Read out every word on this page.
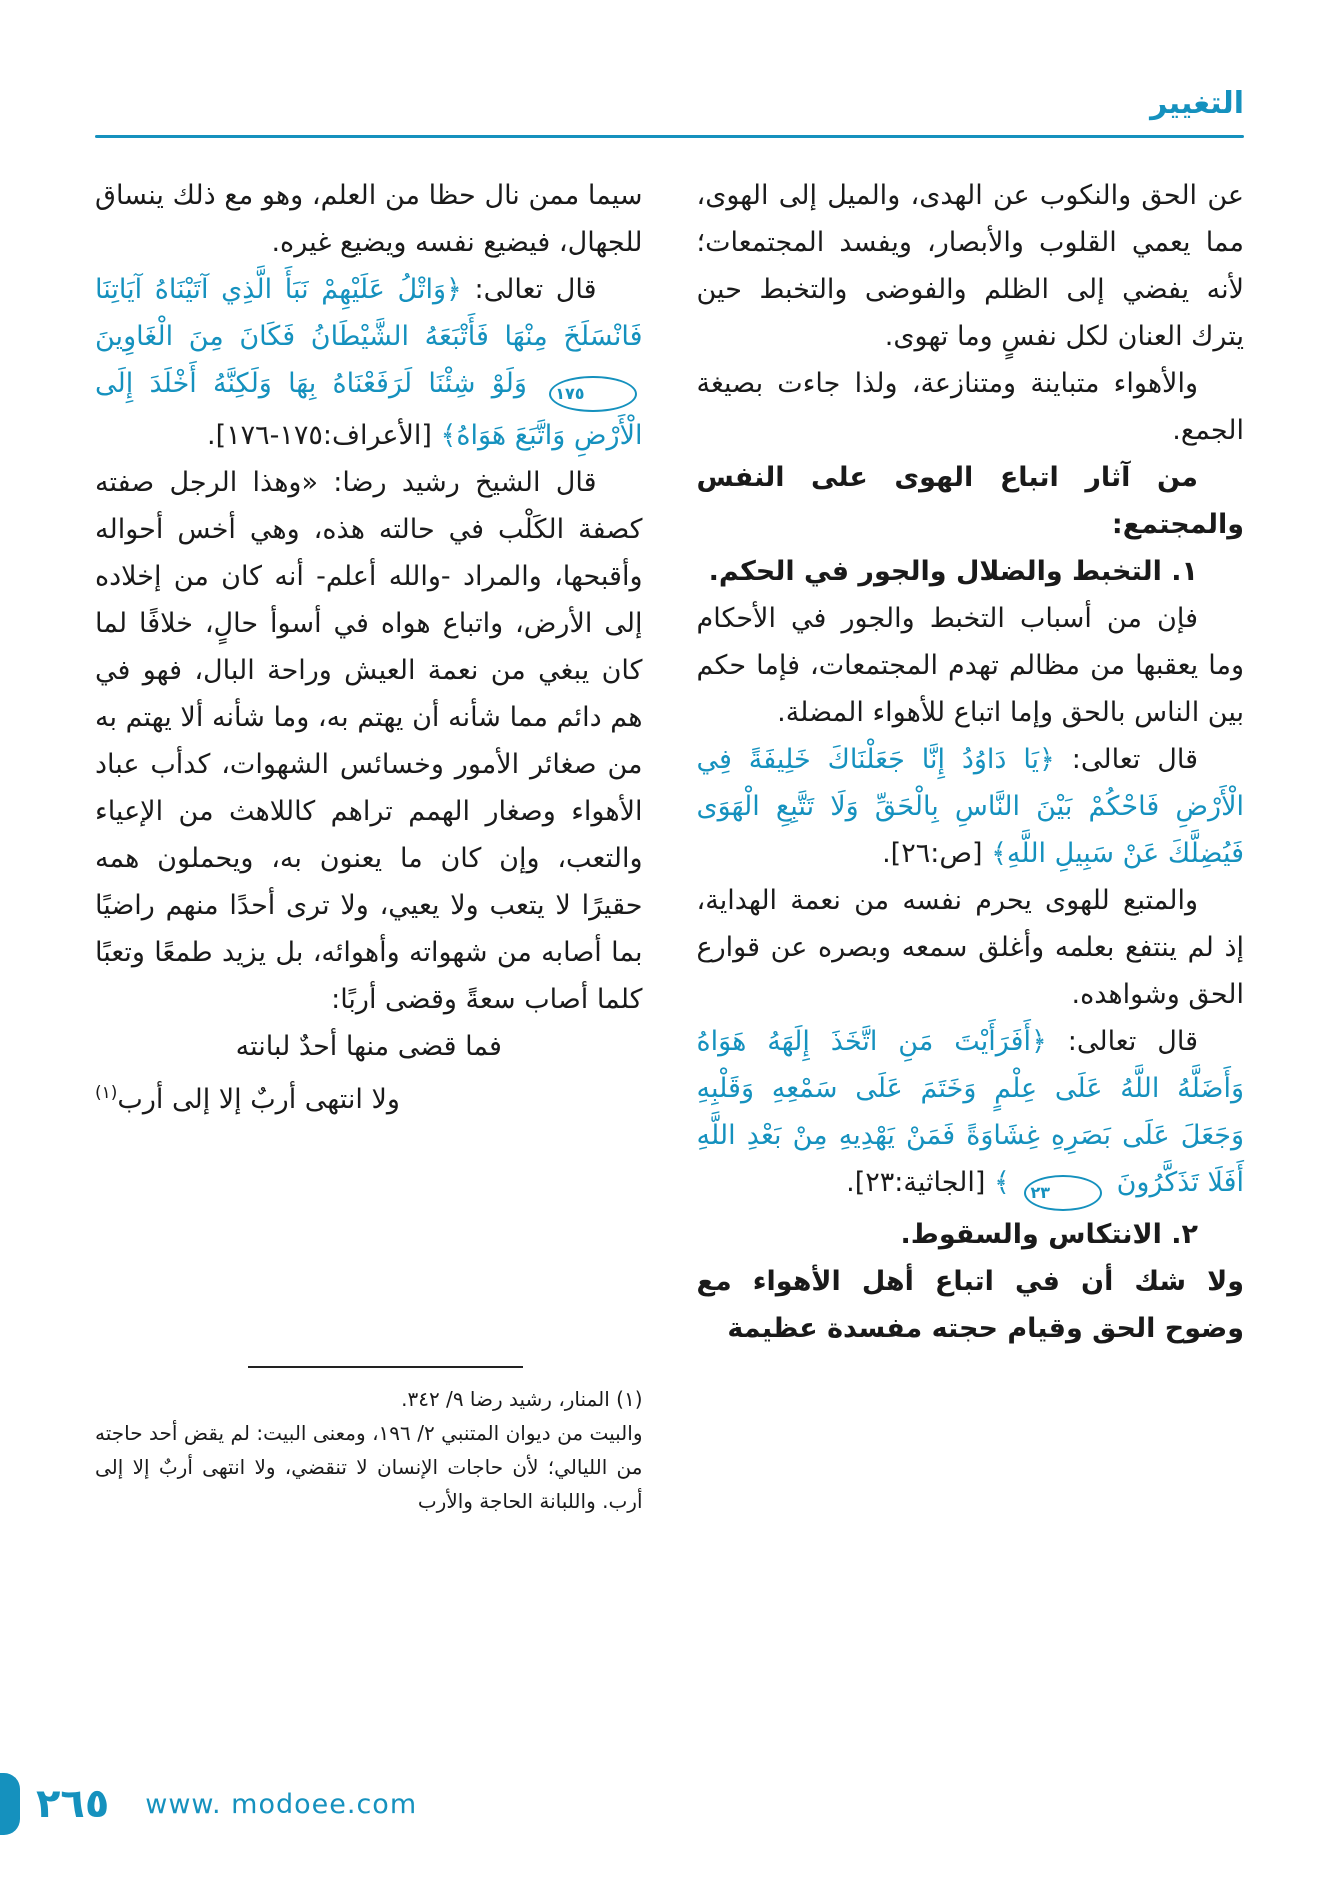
التغيير

عن الحق والنكوب عن الهدى، والميل إلى الهوى، مما يعمي القلوب والأبصار، ويفسد المجتمعات؛ لأنه يفضي إلى الظلم والفوضى والتخبط حين يترك العنان لكل نفسٍ وما تهوى.

والأهواء متباينة ومتنازعة، ولذا جاءت بصيغة الجمع.

من آثار اتباع الهوى على النفس والمجتمع:

١. التخبط والضلال والجور في الحكم.

فإن من أسباب التخبط والجور في الأحكام وما يعقبها من مظالم تهدم المجتمعات، فإما حكم بين الناس بالحق وإما اتباع للأهواء المضلة.

قال تعالى: ﴿يَا دَاوُدُ إِنَّا جَعَلْنَاكَ خَلِيفَةً فِي الْأَرْضِ فَاحْكُمْ بَيْنَ النَّاسِ بِالْحَقِّ وَلَا تَتَّبِعِ الْهَوَى فَيُضِلَّكَ عَنْ سَبِيلِ اللَّهِ﴾ [ص:٢٦].

والمتبع للهوى يحرم نفسه من نعمة الهداية، إذ لم ينتفع بعلمه وأغلق سمعه وبصره عن قوارع الحق وشواهده.

قال تعالى: ﴿أَفَرَأَيْتَ مَنِ اتَّخَذَ إِلَهَهُ هَوَاهُ وَأَضَلَّهُ اللَّهُ عَلَى عِلْمٍ وَخَتَمَ عَلَى سَمْعِهِ وَقَلْبِهِ وَجَعَلَ عَلَى بَصَرِهِ غِشَاوَةً فَمَنْ يَهْدِيهِ مِنْ بَعْدِ اللَّهِ أَفَلَا تَذَكَّرُونَ ٢٣ ﴾ [الجاثية:٢٣].

٢. الانتكاس والسقوط.

ولا شك أن في اتباع أهل الأهواء مع وضوح الحق وقيام حجته مفسدة عظيمة

سيما ممن نال حظا من العلم، وهو مع ذلك ينساق للجهال، فيضيع نفسه ويضيع غيره.

قال تعالى: ﴿وَاتْلُ عَلَيْهِمْ نَبَأَ الَّذِي آتَيْنَاهُ آيَاتِنَا فَانْسَلَخَ مِنْهَا فَأَتْبَعَهُ الشَّيْطَانُ فَكَانَ مِنَ الْغَاوِينَ ١٧٥ وَلَوْ شِئْنَا لَرَفَعْنَاهُ بِهَا وَلَكِنَّهُ أَخْلَدَ إِلَى الْأَرْضِ وَاتَّبَعَ هَوَاهُ﴾ [الأعراف:١٧٥-١٧٦].

قال الشيخ رشيد رضا: «وهذا الرجل صفته كصفة الكَلْب في حالته هذه، وهي أخس أحواله وأقبحها، والمراد -والله أعلم- أنه كان من إخلاده إلى الأرض، واتباع هواه في أسوأ حالٍ، خلافًا لما كان يبغي من نعمة العيش وراحة البال، فهو في هم دائم مما شأنه أن يهتم به، وما شأنه ألا يهتم به من صغائر الأمور وخسائس الشهوات، كدأب عباد الأهواء وصغار الهمم تراهم كاللاهث من الإعياء والتعب، وإن كان ما يعنون به، ويحملون همه حقيرًا لا يتعب ولا يعيي، ولا ترى أحدًا منهم راضيًا بما أصابه من شهواته وأهوائه، بل يزيد طمعًا وتعبًا كلما أصاب سعةً وقضى أربًا:

فما قضى منها أحدٌ لبانته

ولا انتهى أربٌ إلا إلى أرب$^{(١)}$

(١) المنار، رشيد رضا ٩/ ٣٤٢.

والبيت من ديوان المتنبي ٢/ ١٩٦، ومعنى البيت: لم يقض أحد حاجته من الليالي؛ لأن حاجات الإنسان لا تنقضي، ولا انتهى أربٌ إلا إلى أرب. واللبانة الحاجة والأرب

٢٦٥ www. modoee.com
